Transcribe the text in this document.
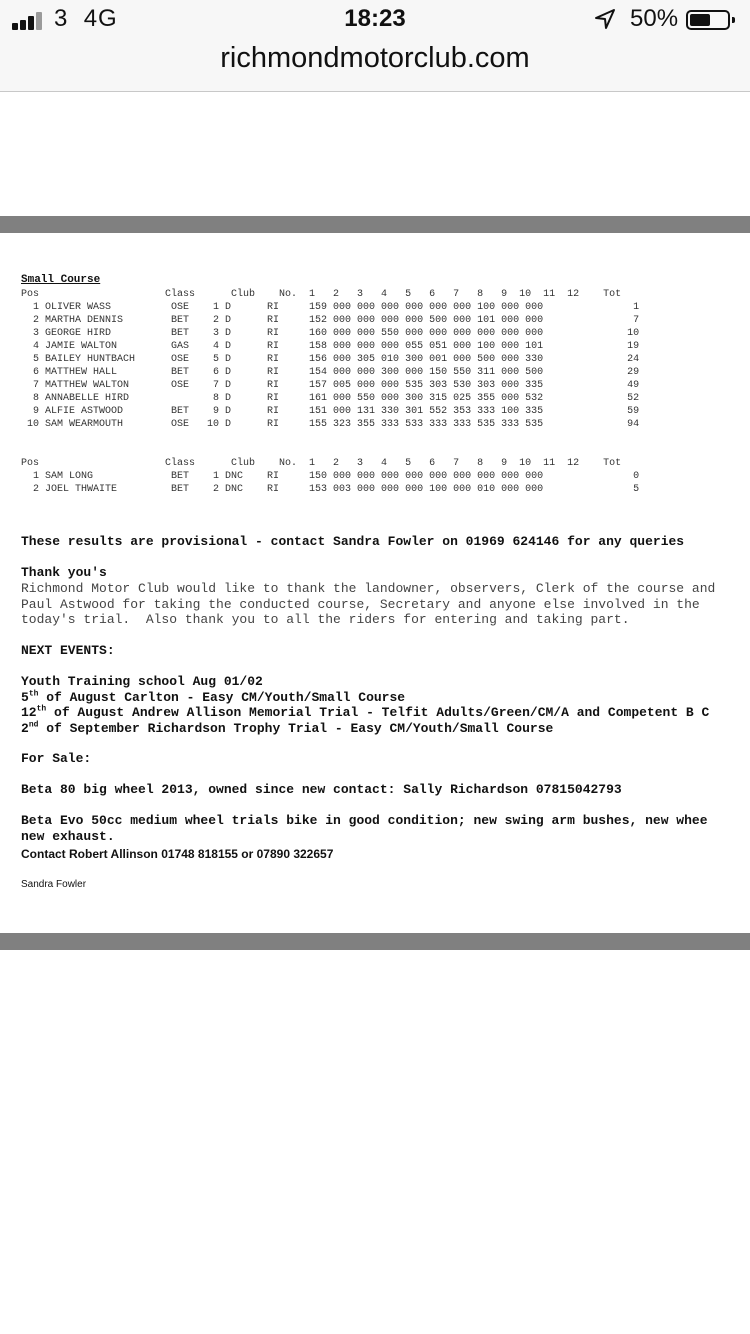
3 4G	18:23	50%
richmondmotorclub.com
Small Course
Pos                     Class      Club    No.  1   2   3   4   5   6   7   8   9  10  11  12    Tot
1 OLIVER WASS          OSE    1 D      RI     159 000 000 000 000 000 000 100 000 000               1
2 MARTHA DENNIS        BET    2 D      RI     152 000 000 000 000 500 000 101 000 000               7
3 GEORGE HIRD          BET    3 D      RI     160 000 000 550 000 000 000 000 000 000              10
4 JAMIE WALTON         GAS    4 D      RI     158 000 000 000 055 051 000 100 000 101              19
5 BAILEY HUNTBACH      OSE    5 D      RI     156 000 305 010 300 001 000 500 000 330              24
6 MATTHEW HALL         BET    6 D      RI     154 000 000 300 000 150 550 311 000 500              29
7 MATTHEW WALTON       OSE    7 D      RI     157 005 000 000 535 303 530 303 000 335              49
8 ANNABELLE HIRD              8 D      RI     161 000 550 000 300 315 025 355 000 532              52
9 ALFIE ASTWOOD        BET    9 D      RI     151 000 131 330 301 552 353 333 100 335              59
10 SAM WEARMOUTH        OSE   10 D      RI     155 323 355 333 533 333 333 535 333 535              94
Pos                     Class      Club    No.  1   2   3   4   5   6   7   8   9  10  11  12    Tot
1 SAM LONG             BET    1 DNC    RI     150 000 000 000 000 000 000 000 000 000               0
2 JOEL THWAITE         BET    2 DNC    RI     153 003 000 000 000 100 000 010 000 000               5
These results are provisional - contact Sandra Fowler on 01969 624146 for any queries
Thank you's
Richmond Motor Club would like to thank the landowner, observers, Clerk of the course and
Paul Astwood for taking the conducted course, Secretary and anyone else involved in the
today's trial.  Also thank you to all the riders for entering and taking part.
NEXT EVENTS:
Youth Training school Aug 01/02
5th of August Carlton - Easy CM/Youth/Small Course
12th of August Andrew Allison Memorial Trial - Telfit Adults/Green/CM/A and Competent B C
2nd of September Richardson Trophy Trial - Easy CM/Youth/Small Course
For Sale:
Beta 80 big wheel 2013, owned since new contact: Sally Richardson 07815042793
Beta Evo 50cc medium wheel trials bike in good condition; new swing arm bushes, new whee
new exhaust.
Contact Robert Allinson 01748 818155 or 07890 322657
Sandra Fowler
